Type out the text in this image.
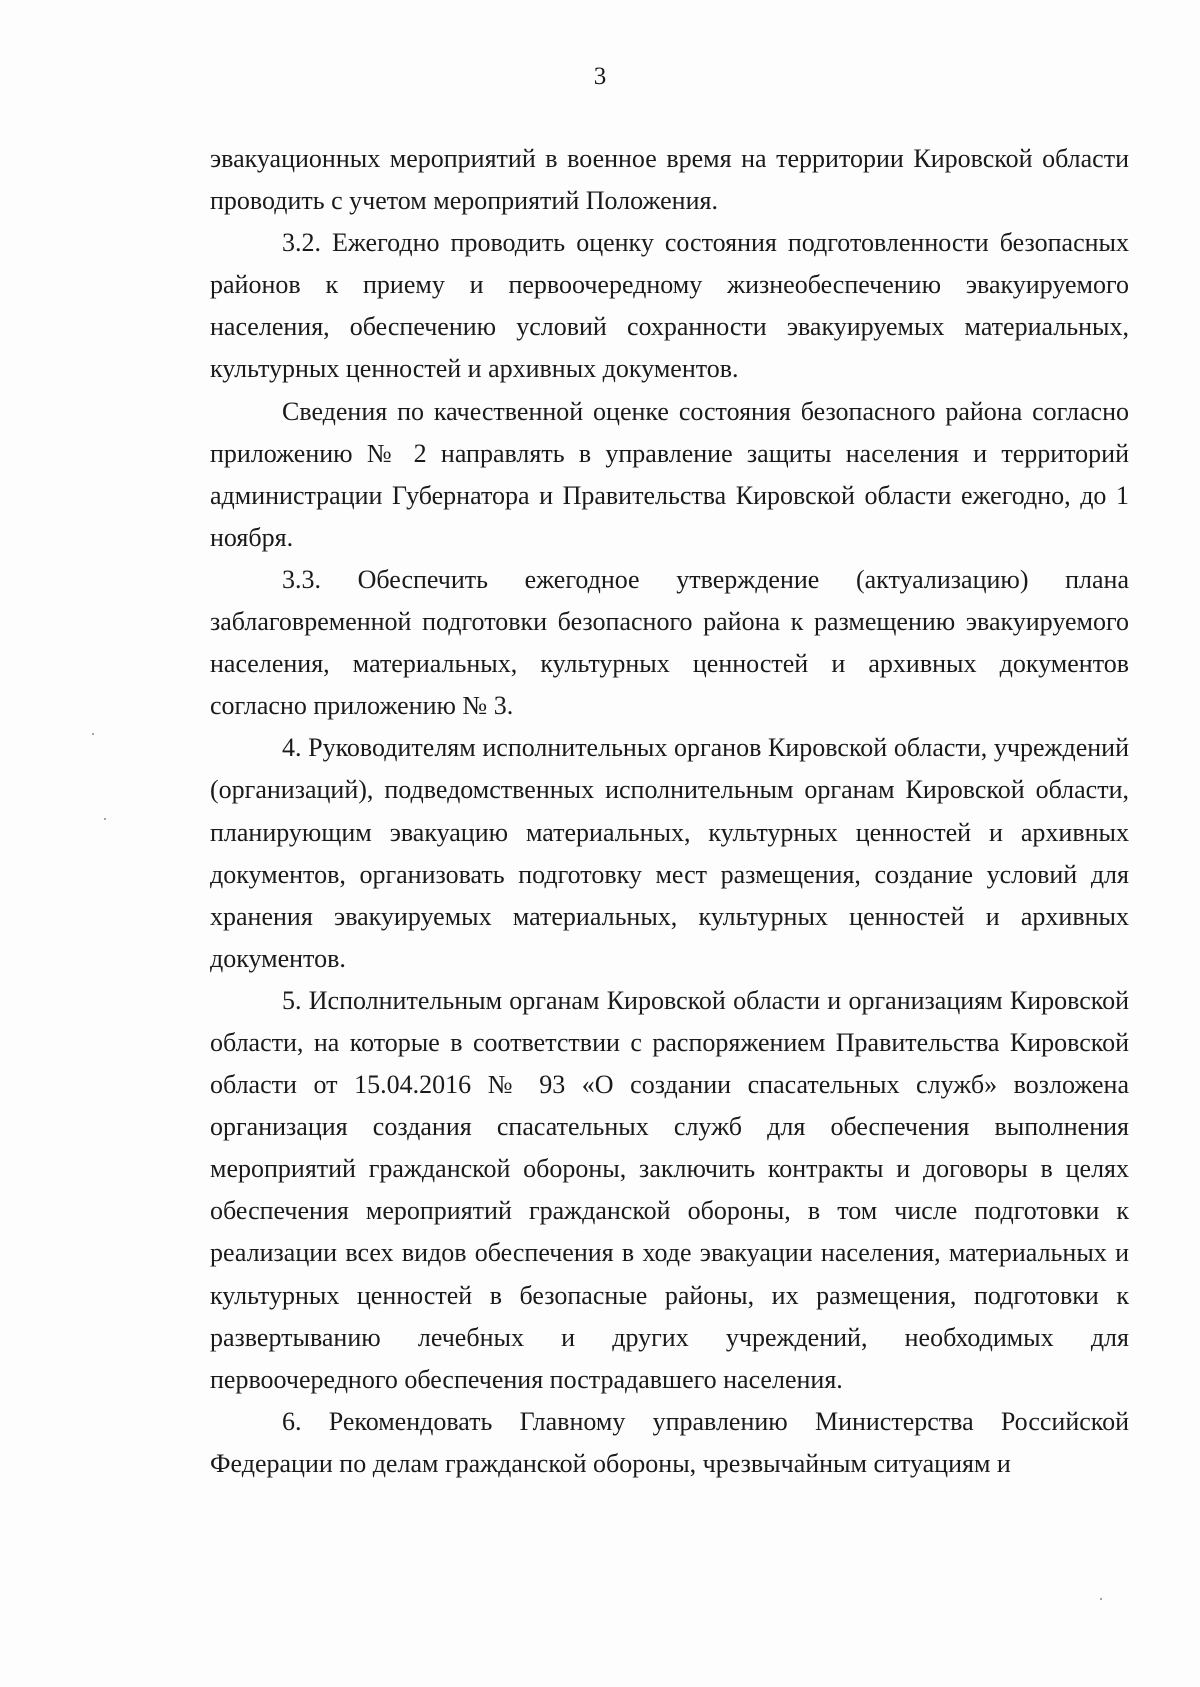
3

эвакуационных мероприятий в военное время на территории Кировской области проводить с учетом мероприятий Положения.

3.2. Ежегодно проводить оценку состояния подготовленности безопасных районов к приему и первоочередному жизнеобеспечению эвакуируемого населения, обеспечению условий сохранности эвакуируемых материальных, культурных ценностей и архивных документов.

Сведения по качественной оценке состояния безопасного района согласно приложению № 2 направлять в управление защиты населения и территорий администрации Губернатора и Правительства Кировской области ежегодно, до 1 ноября.

3.3. Обеспечить ежегодное утверждение (актуализацию) плана заблаговременной подготовки безопасного района к размещению эвакуируемого населения, материальных, культурных ценностей и архивных документов согласно приложению № 3.

4. Руководителям исполнительных органов Кировской области, учреждений (организаций), подведомственных исполнительным органам Кировской области, планирующим эвакуацию материальных, культурных ценностей и архивных документов, организовать подготовку мест размещения, создание условий для хранения эвакуируемых материальных, культурных ценностей и архивных документов.

5. Исполнительным органам Кировской области и организациям Кировской области, на которые в соответствии с распоряжением Правительства Кировской области от 15.04.2016 № 93 «О создании спасательных служб» возложена организация создания спасательных служб для обеспечения выполнения мероприятий гражданской обороны, заключить контракты и договоры в целях обеспечения мероприятий гражданской обороны, в том числе подготовки к реализации всех видов обеспечения в ходе эвакуации населения, материальных и культурных ценностей в безопасные районы, их размещения, подготовки к развертыванию лечебных и других учреждений, необходимых для первоочередного обеспечения пострадавшего населения.

6. Рекомендовать Главному управлению Министерства Российской Федерации по делам гражданской обороны, чрезвычайным ситуациям и
